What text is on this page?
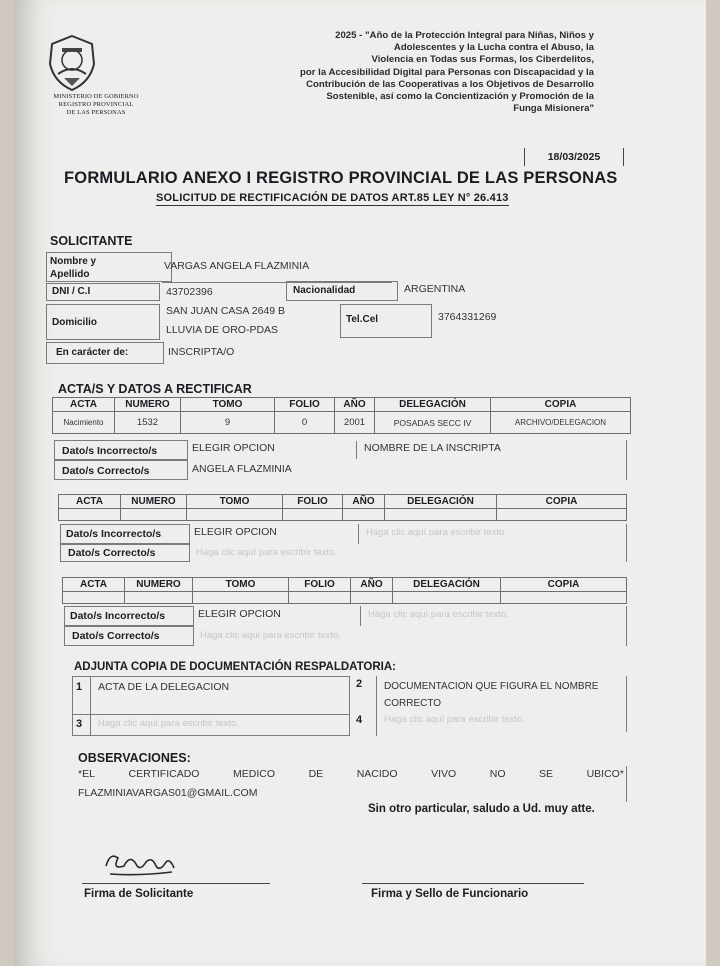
MINISTERIO DE GOBIERNO
REGISTRO PROVINCIAL
DE LAS PERSONAS
2025 - "Año de la Protección Integral para Niñas, Niños y
Adolescentes y la Lucha contra el Abuso, la
Violencia en Todas sus Formas, los Ciberdelitos,
por la Accesibilidad Digital para Personas con Discapacidad y la
Contribución de las Cooperativas a los Objetivos de Desarrollo
Sostenible, así como la Concientización y Promoción de la
Funga Misionera"
18/03/2025
FORMULARIO ANEXO I REGISTRO PROVINCIAL DE LAS PERSONAS
SOLICITUD DE RECTIFICACIÓN DE DATOS ART.85 LEY N° 26.413
SOLICITANTE
Nombre y Apellido
VARGAS ANGELA FLAZMINIA
DNI / C.I	43702396	Nacionalidad	ARGENTINA
Domicilio
SAN JUAN CASA 2649 B
LLUVIA DE ORO-PDAS
Tel.Cel	3764331269
En carácter de:	INSCRIPTA/O
ACTA/S Y DATOS A RECTIFICAR
ACTA	NUMERO	TOMO	FOLIO	AÑO	DELEGACIÓN	COPIA
Nacimiento	1532	9	0	2001	POSADAS SECC IV	ARCHIVO/DELEGACION
Dato/s Incorrecto/s	ELEGIR OPCION	NOMBRE DE LA INSCRIPTA
Dato/s Correcto/s	ANGELA FLAZMINIA
ACTA	NUMERO	TOMO	FOLIO	AÑO	DELEGACIÓN	COPIA

Dato/s Incorrecto/s	ELEGIR OPCION	Haga clic aquí para escribir texto.
Dato/s Correcto/s	Haga clic aquí para escribir texto.
ACTA	NUMERO	TOMO	FOLIO	AÑO	DELEGACIÓN	COPIA

Dato/s Incorrecto/s	ELEGIR OPCION	Haga clic aquí para escribir texto.
Dato/s Correcto/s	Haga clic aquí para escribir texto.
ADJUNTA COPIA DE DOCUMENTACIÓN RESPALDATORIA:
1 ACTA DE LA DELEGACION
3 Haga clic aquí para escribir texto.
2 DOCUMENTACION QUE FIGURA EL NOMBRE CORRECTO
4 Haga clic aquí para escribir texto.
OBSERVACIONES:
*EL	CERTIFICADO	MEDICO	DE	NACIDO	VIVO	NO	SE	UBICO*
FLAZMINIAVARGAS01@GMAIL.COM
Sin otro particular, saludo a Ud. muy atte.
Firma de Solicitante	Firma y Sello de Funcionario
